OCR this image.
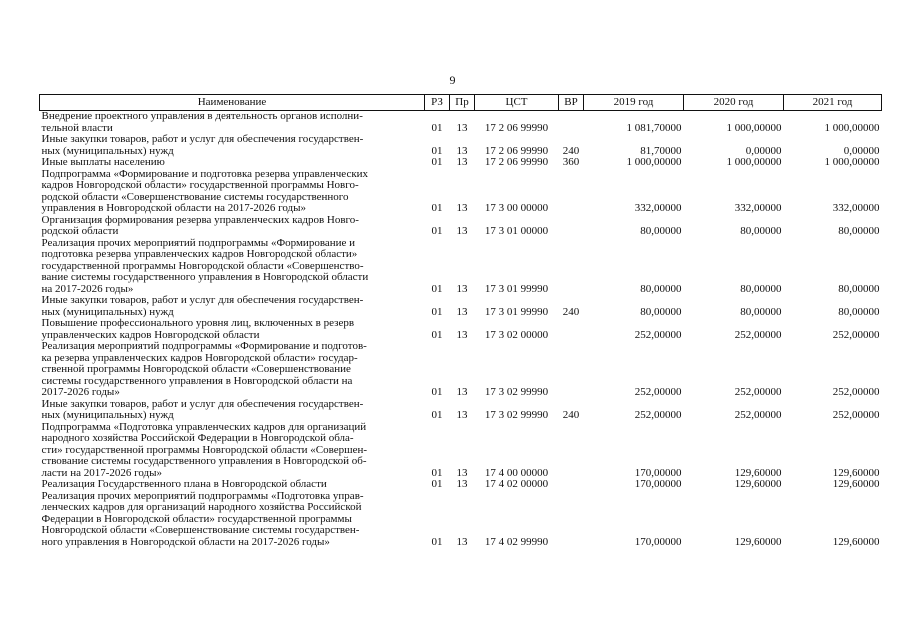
9
Наименование	РЗ	Пр	ЦСТ	ВР	2019 год	2020 год	2021 год

Внедрение проектного управления в деятельность органов исполни-
тельной власти	01	13	17 2 06 99990		1 081,70000	1 000,00000	1 000,00000

Иные закупки товаров, работ и услуг для обеспечения государствен-
ных (муниципальных) нужд	01	13	17 2 06 99990	240	81,70000	0,00000	0,00000

Иные выплаты населению	01	13	17 2 06 99990	360	1 000,00000	1 000,00000	1 000,00000

Подпрограмма «Формирование и подготовка резерва управленческих
кадров Новгородской области» государственной программы Новго-
родской области «Совершенствование системы государственного
управления в Новгородской области на 2017-2026 годы»	01	13	17 3 00 00000		332,00000	332,00000	332,00000

Организация формирования резерва управленческих кадров Новго-
родской области	01	13	17 3 01 00000		80,00000	80,00000	80,00000

Реализация прочих мероприятий подпрограммы «Формирование и
подготовка резерва управленческих кадров Новгородской области»
государственной программы Новгородской области «Совершенство-
вание системы государственного управления в Новгородской области
на 2017-2026 годы»	01	13	17 3 01 99990		80,00000	80,00000	80,00000

Иные закупки товаров, работ и услуг для обеспечения государствен-
ных (муниципальных) нужд	01	13	17 3 01 99990	240	80,00000	80,00000	80,00000

Повышение профессионального уровня лиц, включенных в резерв
управленческих кадров Новгородской области	01	13	17 3 02 00000		252,00000	252,00000	252,00000

Реализация мероприятий подпрограммы «Формирование и подготов-
ка резерва управленческих кадров Новгородской области» государ-
ственной программы Новгородской области «Совершенствование
системы государственного управления в Новгородской области на
2017-2026 годы»	01	13	17 3 02 99990		252,00000	252,00000	252,00000

Иные закупки товаров, работ и услуг для обеспечения государствен-
ных (муниципальных) нужд	01	13	17 3 02 99990	240	252,00000	252,00000	252,00000

Подпрограмма «Подготовка управленческих кадров для организаций
народного хозяйства Российской Федерации в Новгородской обла-
сти» государственной программы Новгородской области «Совершен-
ствование системы государственного управления в Новгородской об-
ласти на 2017-2026 годы»	01	13	17 4 00 00000		170,00000	129,60000	129,60000

Реализация Государственного плана в Новгородской области	01	13	17 4 02 00000		170,00000	129,60000	129,60000

Реализация прочих мероприятий подпрограммы «Подготовка управ-
ленческих кадров для организаций народного хозяйства Российской
Федерации в Новгородской области» государственной программы
Новгородской области «Совершенствование системы государствен-
ного управления в Новгородской области на 2017-2026 годы»	01	13	17 4 02 99990		170,00000	129,60000	129,60000
